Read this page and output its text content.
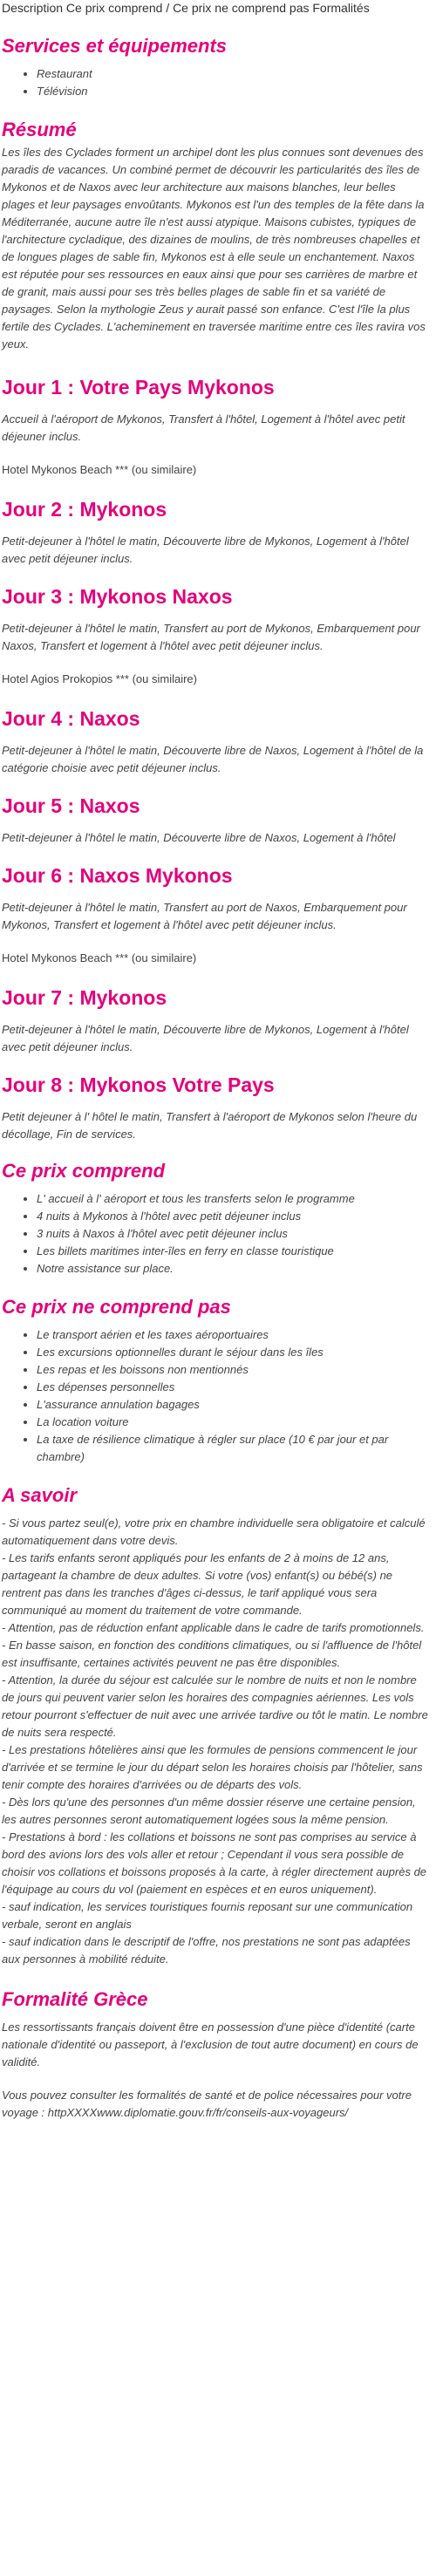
Description Ce prix comprend / Ce prix ne comprend pas Formalités
Services et équipements
• Restaurant
• Télévision
Résumé

Les îles des Cyclades forment un archipel dont les plus connues sont devenues des paradis de vacances. Un combiné permet de découvrir les particularités des îles de Mykonos et de Naxos avec leur architecture aux maisons blanches, leur belles plages et leur paysages envoûtants. Mykonos est l'un des temples de la fête dans la Méditerranée, aucune autre île n'est aussi atypique. Maisons cubistes, typiques de l'architecture cycladique, des dizaines de moulins, de très nombreuses chapelles et de longues plages de sable fin, Mykonos est à elle seule un enchantement. Naxos est réputée pour ses ressources en eaux ainsi que pour ses carrières de marbre et de granit, mais aussi pour ses très belles plages de sable fin et sa variété de paysages. Selon la mythologie Zeus y aurait passé son enfance. C'est l'île la plus fertile des Cyclades. L'acheminement en traversée maritime entre ces îles ravira vos yeux.

Jour 1 : Votre Pays Mykonos

Accueil à l'aéroport de Mykonos, Transfert à l'hôtel, Logement à l'hôtel avec petit déjeuner inclus.

Hotel Mykonos Beach *** (ou similaire)

Jour 2 : Mykonos

Petit-dejeuner à l'hôtel le matin, Découverte libre de Mykonos, Logement à l'hôtel avec petit déjeuner inclus.

Jour 3 : Mykonos Naxos

Petit-dejeuner à l'hôtel le matin, Transfert au port de Mykonos, Embarquement pour Naxos, Transfert et logement à l'hôtel avec petit déjeuner inclus.

Hotel Agios Prokopios *** (ou similaire)

Jour 4 : Naxos

Petit-dejeuner à l'hôtel le matin, Découverte libre de Naxos, Logement à l'hôtel de la catégorie choisie avec petit déjeuner inclus.

Jour 5 : Naxos

Petit-dejeuner à l'hôtel le matin, Découverte libre de Naxos, Logement à l'hôtel

Jour 6 : Naxos Mykonos

Petit-dejeuner à l'hôtel le matin, Transfert au port de Naxos, Embarquement pour Mykonos, Transfert et logement à l'hôtel avec petit déjeuner inclus.

Hotel Mykonos Beach *** (ou similaire)

Jour 7 : Mykonos

Petit-dejeuner à l'hôtel le matin, Découverte libre de Mykonos, Logement à l'hôtel avec petit déjeuner inclus.

Jour 8 : Mykonos Votre Pays

Petit dejeuner à l' hôtel le matin, Transfert à l'aéroport de Mykonos selon l'heure du décollage, Fin de services.

Ce prix comprend
• L' accueil à l' aéroport et tous les transferts selon le programme
• 4 nuits à Mykonos à l'hôtel avec petit déjeuner inclus
• 3 nuits à Naxos à l'hôtel avec petit déjeuner inclus
• Les billets maritimes inter-îles en ferry en classe touristique
• Notre assistance sur place.
Ce prix ne comprend pas
• Le transport aérien et les taxes aéroportuaires
• Les excursions optionnelles durant le séjour dans les îles
• Les repas et les boissons non mentionnés
• Les dépenses personnelles
• L'assurance annulation bagages
• La location voiture
• La taxe de résilience climatique à régler sur place (10 € par jour et par chambre)
A savoir

- Si vous partez seul(e), votre prix en chambre individuelle sera obligatoire et calculé automatiquement dans votre devis.

- Les tarifs enfants seront appliqués pour les enfants de 2 à moins de 12 ans, partageant la chambre de deux adultes. Si votre (vos) enfant(s) ou bébé(s) ne rentrent pas dans les tranches d'âges ci-dessus, le tarif appliqué vous sera communiqué au moment du traitement de votre commande.

- Attention, pas de réduction enfant applicable dans le cadre de tarifs promotionnels.

- En basse saison, en fonction des conditions climatiques, ou si l'affluence de l'hôtel est insuffisante, certaines activités peuvent ne pas être disponibles.

- Attention, la durée du séjour est calculée sur le nombre de nuits et non le nombre de jours qui peuvent varier selon les horaires des compagnies aériennes. Les vols retour pourront s'effectuer de nuit avec une arrivée tardive ou tôt le matin. Le nombre de nuits sera respecté.

- Les prestations hôtelières ainsi que les formules de pensions commencent le jour d'arrivée et se termine le jour du départ selon les horaires choisis par l'hôtelier, sans tenir compte des horaires d'arrivées ou de départs des vols.

- Dès lors qu'une des personnes d'un même dossier réserve une certaine pension, les autres personnes seront automatiquement logées sous la même pension.

- Prestations à bord : les collations et boissons ne sont pas comprises au service à bord des avions lors des vols aller et retour ; Cependant il vous sera possible de choisir vos collations et boissons proposés à la carte, à régler directement auprès de l'équipage au cours du vol (paiement en espèces et en euros uniquement).

- sauf indication, les services touristiques fournis reposant sur une communication verbale, seront en anglais

- sauf indication dans le descriptif de l'offre, nos prestations ne sont pas adaptées aux personnes à mobilité réduite.

Formalité Grèce

Les ressortissants français doivent être en possession d'une pièce d'identité (carte nationale d'identité ou passeport, à l'exclusion de tout autre document) en cours de validité.

Vous pouvez consulter les formalités de santé et de police nécessaires pour votre voyage : httpXXXXwww.diplomatie.gouv.fr/fr/conseils-aux-voyageurs/
